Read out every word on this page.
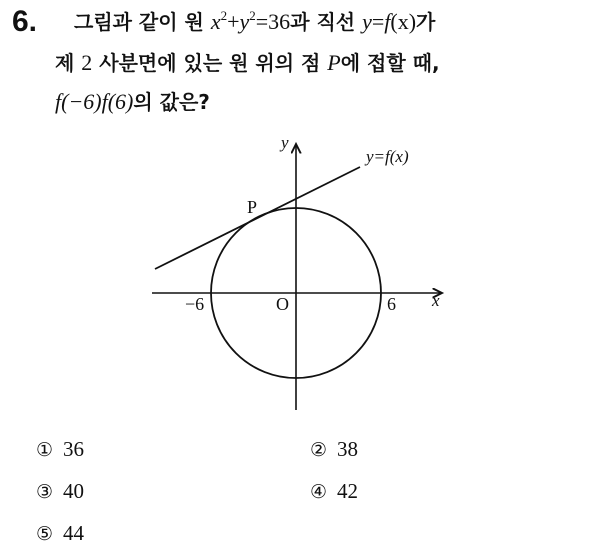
6. 그림과 같이 원 $x^2+y^2=36$과 직선 y=f(x)가
제 2 사분면에 있는 원 위의 점 P에 접할 때,
f(−6)f(6)의 값은?
y
x
O
−6	6
P
y=f(x)
① 36	② 38
③ 40	④ 42
⑤ 44
